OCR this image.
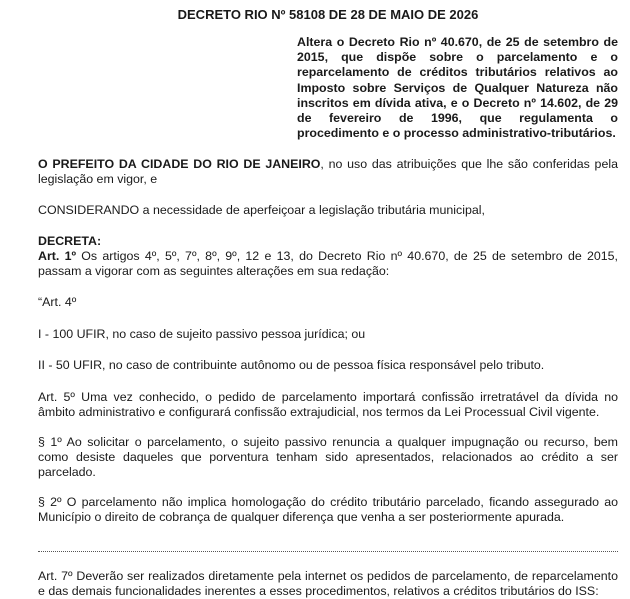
DECRETO RIO Nº 58108 DE 28 DE MAIO DE 2026

Altera o Decreto Rio nº 40.670, de 25 de setembro de 2015, que dispõe sobre o parcelamento e o reparcelamento de créditos tributários relativos ao Imposto sobre Serviços de Qualquer Natureza não inscritos em dívida ativa, e o Decreto nº 14.602, de 29 de fevereiro de 1996, que regulamenta o procedimento e o processo administrativo-tributários.

O PREFEITO DA CIDADE DO RIO DE JANEIRO, no uso das atribuições que lhe são conferidas pela legislação em vigor, e

CONSIDERANDO a necessidade de aperfeiçoar a legislação tributária municipal,

DECRETA:

Art. 1º Os artigos 4º, 5º, 7º, 8º, 9º, 12 e 13, do Decreto Rio nº 40.670, de 25 de setembro de 2015, passam a vigorar com as seguintes alterações em sua redação:

“Art. 4º

I - 100 UFIR, no caso de sujeito passivo pessoa jurídica; ou

II - 50 UFIR, no caso de contribuinte autônomo ou de pessoa física responsável pelo tributo.

Art. 5º Uma vez conhecido, o pedido de parcelamento importará confissão irretratável da dívida no âmbito administrativo e configurará confissão extrajudicial, nos termos da Lei Processual Civil vigente.

§ 1º Ao solicitar o parcelamento, o sujeito passivo renuncia a qualquer impugnação ou recurso, bem como desiste daqueles que porventura tenham sido apresentados, relacionados ao crédito a ser parcelado.

§ 2º O parcelamento não implica homologação do crédito tributário parcelado, ficando assegurado ao Município o direito de cobrança de qualquer diferença que venha a ser posteriormente apurada.

Art. 7º Deverão ser realizados diretamente pela internet os pedidos de parcelamento, de reparcelamento e das demais funcionalidades inerentes a esses procedimentos, relativos a créditos tributários do ISS:
